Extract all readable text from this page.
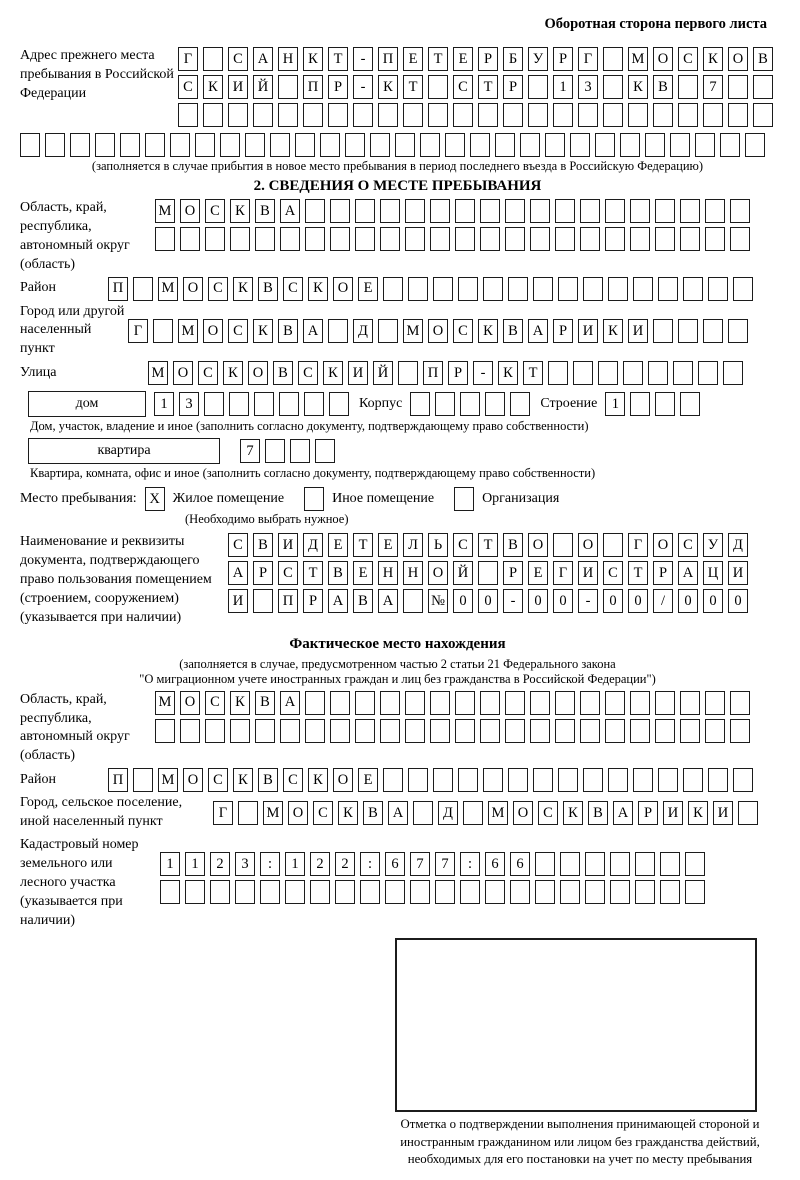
Оборотная сторона первого листа
Адрес прежнего места пребывания в Российской Федерации
Г	С	А	Н	К	Т	-	П	Е	Т	Е	Р	Б	У	Р	Г	М О	С	К	О	В
С	К	И	Й	П	Р	-	К	Т	С	Т	Р	1	3	К	В	7
(заполняется в случае прибытия в новое место пребывания в период последнего въезда в Российскую Федерацию)
2. СВЕДЕНИЯ О МЕСТЕ ПРЕБЫВАНИЯ
Область, край, республика, автономный округ (область)
М О	С	К	В	А
Район	П	М О	С	К	В	С	К	О	Е
Город или другой населенный пункт
Г	М О	С	К	В	А	Д	М О	С	К	В	А	Р	И	К	И
Улица	М О	С	К	О	В	С	К	И	Й	П	Р	-	К	Т
дом	1	3	Корпус	Строение 1
Дом, участок, владение и иное (заполнить согласно документу, подтверждающему право собственности)
квартира	7
Квартира, комната, офис и иное (заполнить согласно документу, подтверждающему право собственности)
Место пребывания: X Жилое помещение	Иное помещение	Организация
(Необходимо выбрать нужное)
Наименование и реквизиты документа, подтверждающего право пользования помещением (строением, сооружением) (указывается при наличии)
С	В	И	Д	Е	Т	Е	Л	Ь	С	Т	В	О	О	Г	О	С	У	Д
А	Р	С	Т	В	Е	Н	Н	О	Й	Р	Е	Г	И	С	Т	Р	А	Ц	И
И	П	Р	А	В	А	№ 0	0	-	0	0	-	0	0	/	0	0	0
Фактическое место нахождения
(заполняется в случае, предусмотренном частью 2 статьи 21 Федерального закона
"О миграционном учете иностранных граждан и лиц без гражданства в Российской Федерации")
Область, край, республика, автономный округ (область)
М О	С	К	В	А
Район	П	М О	С	К	В	С	К	О	Е
Город, сельское поселение, иной населенный пункт
Г	М О	С	К	В	А	Д	М О	С	К	В	А	Р	И	К	И
Кадастровый номер земельного или лесного участка (указывается при наличии)
1	1	2	3	:	1	2	2	:	6	7	7	:	6	6
Отметка о подтверждении выполнения принимающей стороной и иностранным гражданином или лицом без гражданства действий, необходимых для его постановки на учет по месту пребывания
